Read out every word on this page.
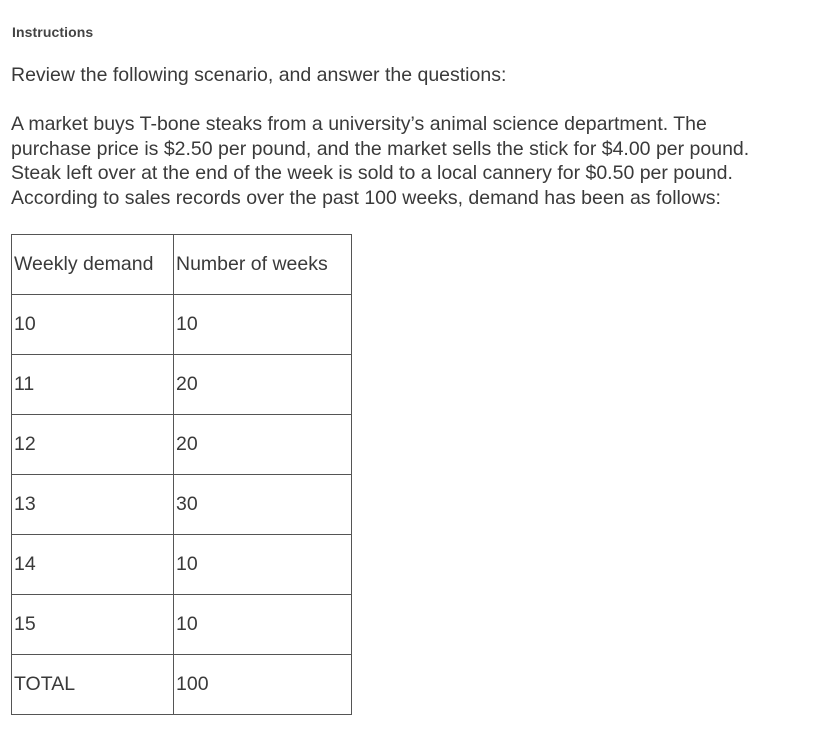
Instructions

Review the following scenario, and answer the questions:

A market buys T-bone steaks from a university’s animal science department. The
purchase price is $2.50 per pound, and the market sells the stick for $4.00 per pound.
Steak left over at the end of the week is sold to a local cannery for $0.50 per pound.
According to sales records over the past 100 weeks, demand has been as follows:

Weekly demand	Number of weeks
10	10
11	20
12	20
13	30
14	10
15	10
TOTAL	100
